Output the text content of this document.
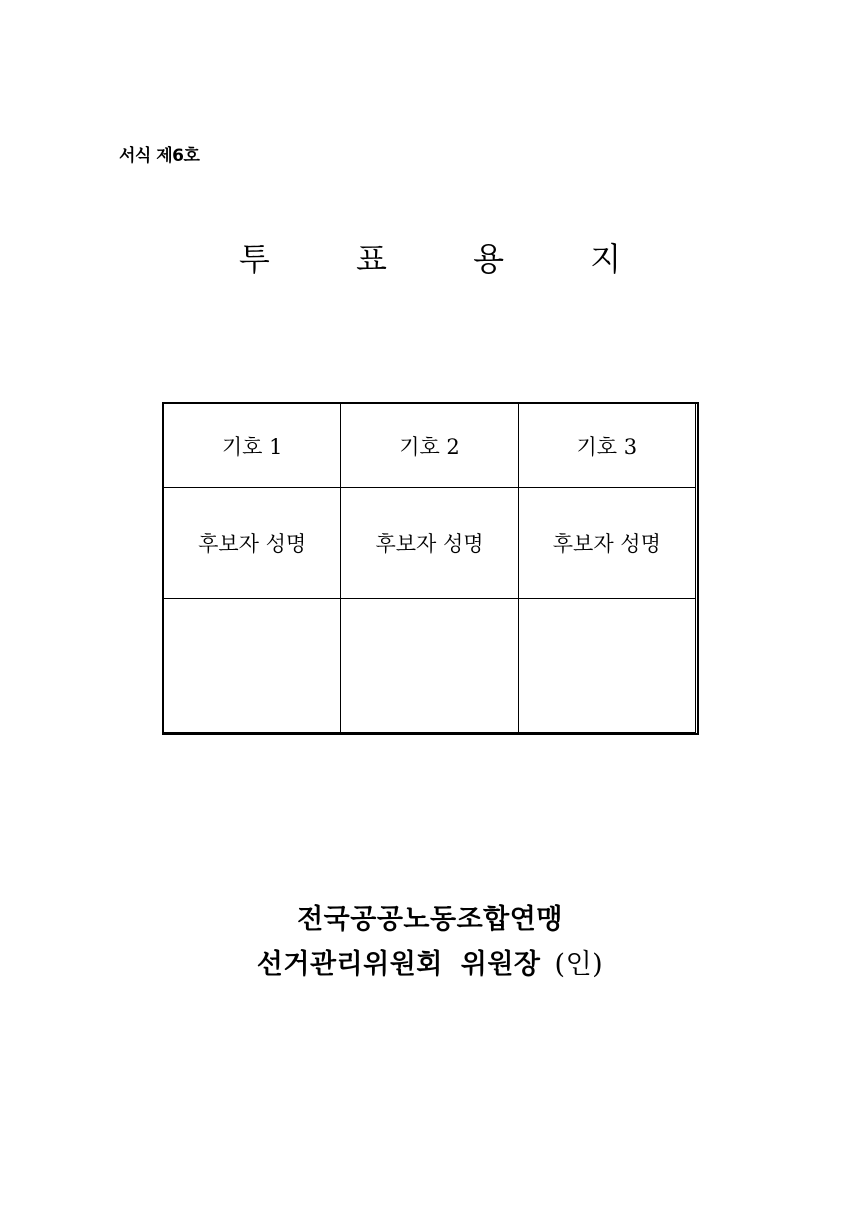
서식 제6호
투 표 용 지
기호 1	기호 2	기호 3
후보자 성명	후보자 성명	후보자 성명

전국공공노동조합연맹
선거관리위원회 위원장 (인)
